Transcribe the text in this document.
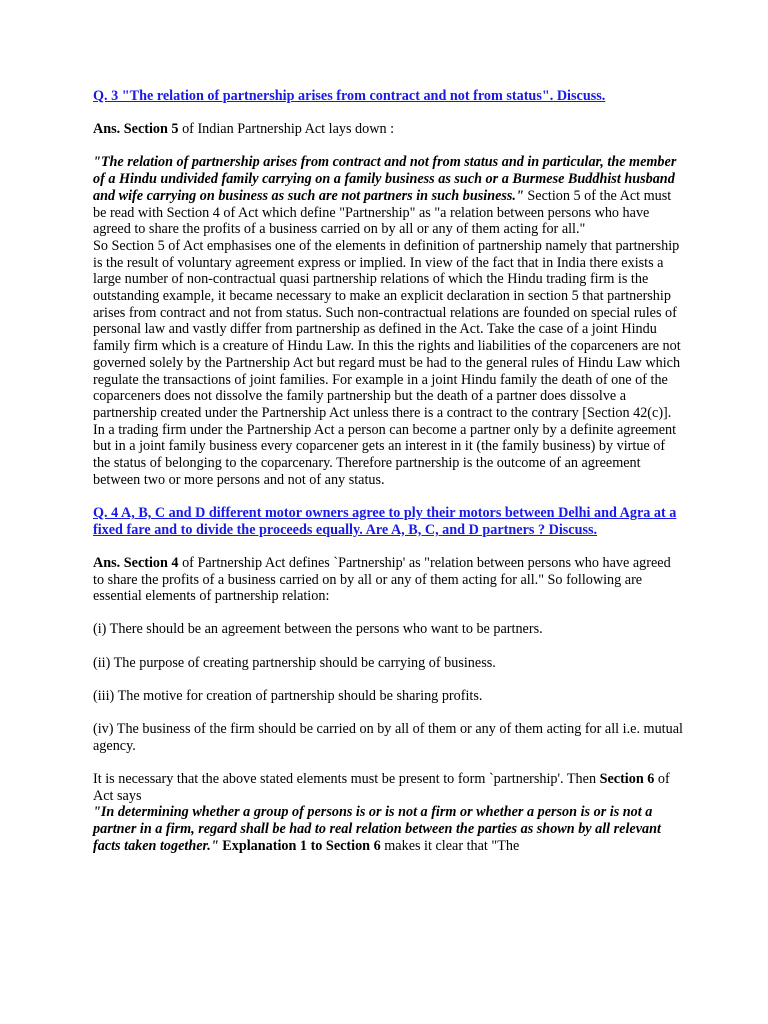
Q. 3 "The relation of partnership arises from contract and not from status". Discuss.

Ans. Section 5 of Indian Partnership Act lays down :

"The relation of partnership arises from contract and not from status and in particular, the member of a Hindu undivided family carrying on a family business as such or a Burmese Buddhist husband and wife carrying on business as such are not partners in such business." Section 5 of the Act must be read with Section 4 of Act which define "Partnership" as "a relation between persons who have agreed to share the profits of a business carried on by all or any of them acting for all."

So Section 5 of Act emphasises one of the elements in definition of partnership namely that partnership is the result of voluntary agreement express or implied. In view of the fact that in India there exists a large number of non-contractual quasi partnership relations of which the Hindu trading firm is the outstanding example, it became necessary to make an explicit declaration in section 5 that partnership arises from contract and not from status. Such non-contractual relations are founded on special rules of personal law and vastly differ from partnership as defined in the Act. Take the case of a joint Hindu family firm which is a creature of Hindu Law. In this the rights and liabilities of the coparceners are not governed solely by the Partnership Act but regard must be had to the general rules of Hindu Law which regulate the transactions of joint families. For example in a joint Hindu family the death of one of the coparceners does not dissolve the family partnership but the death of a partner does dissolve a partnership created under the Partnership Act unless there is a contract to the contrary [Section 42(c)]. In a trading firm under the Partnership Act a person can become a partner only by a definite agreement but in a joint family business every coparcener gets an interest in it (the family business) by virtue of the status of belonging to the coparcenary. Therefore partnership is the outcome of an agreement between two or more persons and not of any status.

Q. 4 A, B, C and D different motor owners agree to ply their motors between Delhi and Agra at a fixed fare and to divide the proceeds equally. Are A, B, C, and D partners ? Discuss.

Ans. Section 4 of Partnership Act defines `Partnership' as "relation between persons who have agreed to share the profits of a business carried on by all or any of them acting for all." So following are essential elements of partnership relation:

(i) There should be an agreement between the persons who want to be partners.

(ii) The purpose of creating partnership should be carrying of business.

(iii) The motive for creation of partnership should be sharing profits.

(iv) The business of the firm should be carried on by all of them or any of them acting for all i.e. mutual agency.

It is necessary that the above stated elements must be present to form `partnership'. Then Section 6 of Act says
"In determining whether a group of persons is or is not a firm or whether a person is or is not a partner in a firm, regard shall be had to real relation between the parties as shown by all relevant facts taken together." Explanation 1 to Section 6 makes it clear that "The
